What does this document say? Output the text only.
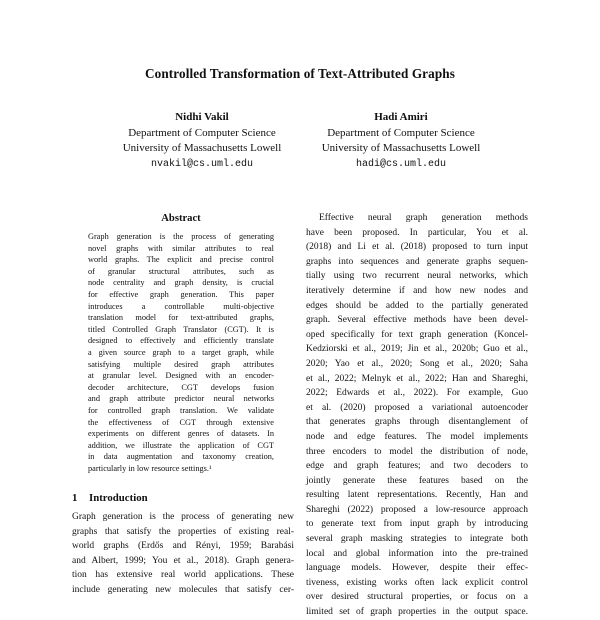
Controlled Transformation of Text-Attributed Graphs
Nidhi Vakil
Department of Computer Science
University of Massachusetts Lowell
nvakil@cs.uml.edu
Hadi Amiri
Department of Computer Science
University of Massachusetts Lowell
hadi@cs.uml.edu
Abstract
Graph generation is the process of generating
novel graphs with similar attributes to real
world graphs. The explicit and precise control
of granular structural attributes, such as
node centrality and graph density, is crucial
for effective graph generation. This paper
introduces a controllable multi-objective
translation model for text-attributed graphs,
titled Controlled Graph Translator (CGT). It is
designed to effectively and efficiently translate
a given source graph to a target graph, while
satisfying multiple desired graph attributes
at granular level. Designed with an encoder-
decoder architecture, CGT develops fusion
and graph attribute predictor neural networks
for controlled graph translation. We validate
the effectiveness of CGT through extensive
experiments on different genres of datasets. In
addition, we illustrate the application of CGT
in data augmentation and taxonomy creation,
particularly in low resource settings.¹
1 Introduction
Graph generation is the process of generating new
graphs that satisfy the properties of existing real-
world graphs (Erdős and Rényi, 1959; Barabási
and Albert, 1999; You et al., 2018). Graph genera-
tion has extensive real world applications. These
include generating new molecules that satisfy cer-
Effective neural graph generation methods
have been proposed. In particular, You et al.
(2018) and Li et al. (2018) proposed to turn input
graphs into sequences and generate graphs sequen-
tially using two recurrent neural networks, which
iteratively determine if and how new nodes and
edges should be added to the partially generated
graph. Several effective methods have been devel-
oped specifically for text graph generation (Koncel-
Kedziorski et al., 2019; Jin et al., 2020b; Guo et al.,
2020; Yao et al., 2020; Song et al., 2020; Saha
et al., 2022; Melnyk et al., 2022; Han and Shareghi,
2022; Edwards et al., 2022). For example, Guo
et al. (2020) proposed a variational autoencoder
that generates graphs through disentanglement of
node and edge features. The model implements
three encoders to model the distribution of node,
edge and graph features; and two decoders to
jointly generate these features based on the
resulting latent representations. Recently, Han and
Shareghi (2022) proposed a low-resource approach
to generate text from input graph by introducing
several graph masking strategies to integrate both
local and global information into the pre-trained
language models. However, despite their effec-
tiveness, existing works often lack explicit control
over desired structural properties, or focus on a
limited set of graph properties in the output space.
